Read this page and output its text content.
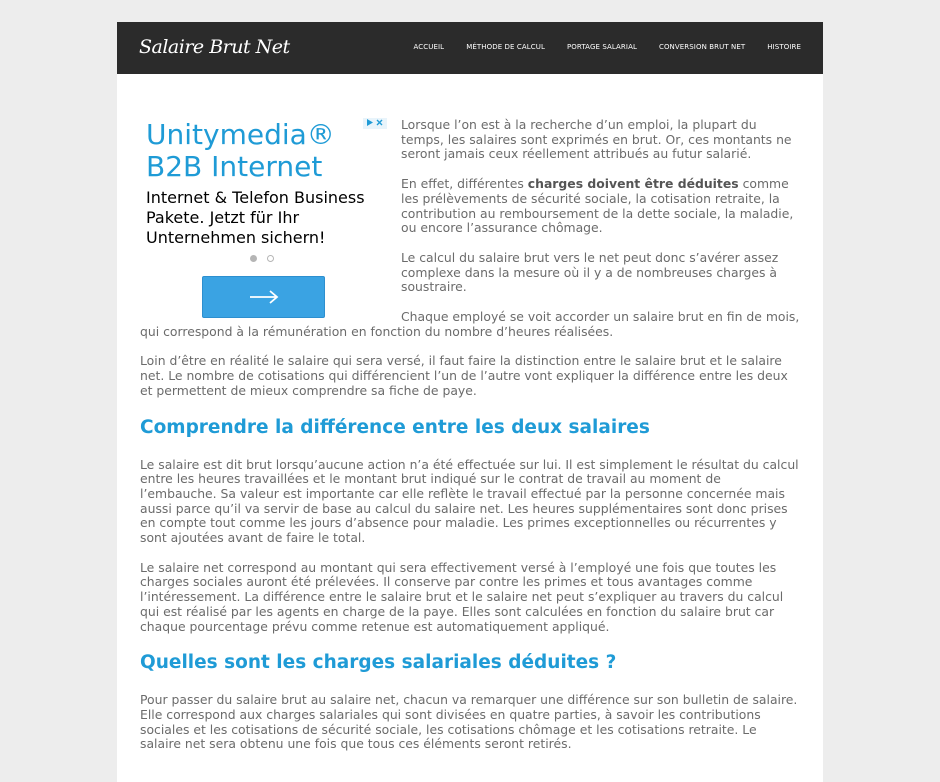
Salaire Brut Net	ACCUEIL	MÉTHODE DE CALCUL	PORTAGE SALARIAL	CONVERSION BRUT NET	HISTOIRE
Unitymedia®
B2B Internet
Internet & Telefon Business Pakete. Jetzt für Ihr Unternehmen sichern!

Lorsque l’on est à la recherche d’un emploi, la plupart du temps, les salaires sont exprimés en brut. Or, ces montants ne seront jamais ceux réellement attribués au futur salarié.

En effet, différentes charges doivent être déduites comme les prélèvements de sécurité sociale, la cotisation retraite, la contribution au remboursement de la dette sociale, la maladie, ou encore l’assurance chômage.

Le calcul du salaire brut vers le net peut donc s’avérer assez complexe dans la mesure où il y a de nombreuses charges à soustraire.

Chaque employé se voit accorder un salaire brut en fin de mois, qui correspond à la rémunération en fonction du nombre d’heures réalisées.

Loin d’être en réalité le salaire qui sera versé, il faut faire la distinction entre le salaire brut et le salaire net. Le nombre de cotisations qui différencient l’un de l’autre vont expliquer la différence entre les deux et permettent de mieux comprendre sa fiche de paye.

Comprendre la différence entre les deux salaires

Le salaire est dit brut lorsqu’aucune action n’a été effectuée sur lui. Il est simplement le résultat du calcul entre les heures travaillées et le montant brut indiqué sur le contrat de travail au moment de l’embauche. Sa valeur est importante car elle reflète le travail effectué par la personne concernée mais aussi parce qu’il va servir de base au calcul du salaire net. Les heures supplémentaires sont donc prises en compte tout comme les jours d’absence pour maladie. Les primes exceptionnelles ou récurrentes y sont ajoutées avant de faire le total.

Le salaire net correspond au montant qui sera effectivement versé à l’employé une fois que toutes les charges sociales auront été prélevées. Il conserve par contre les primes et tous avantages comme l’intéressement. La différence entre le salaire brut et le salaire net peut s’expliquer au travers du calcul qui est réalisé par les agents en charge de la paye. Elles sont calculées en fonction du salaire brut car chaque pourcentage prévu comme retenue est automatiquement appliqué.

Quelles sont les charges salariales déduites ?

Pour passer du salaire brut au salaire net, chacun va remarquer une différence sur son bulletin de salaire. Elle correspond aux charges salariales qui sont divisées en quatre parties, à savoir les contributions sociales et les cotisations de sécurité sociale, les cotisations chômage et les cotisations retraite. Le salaire net sera obtenu une fois que tous ces éléments seront retirés.
